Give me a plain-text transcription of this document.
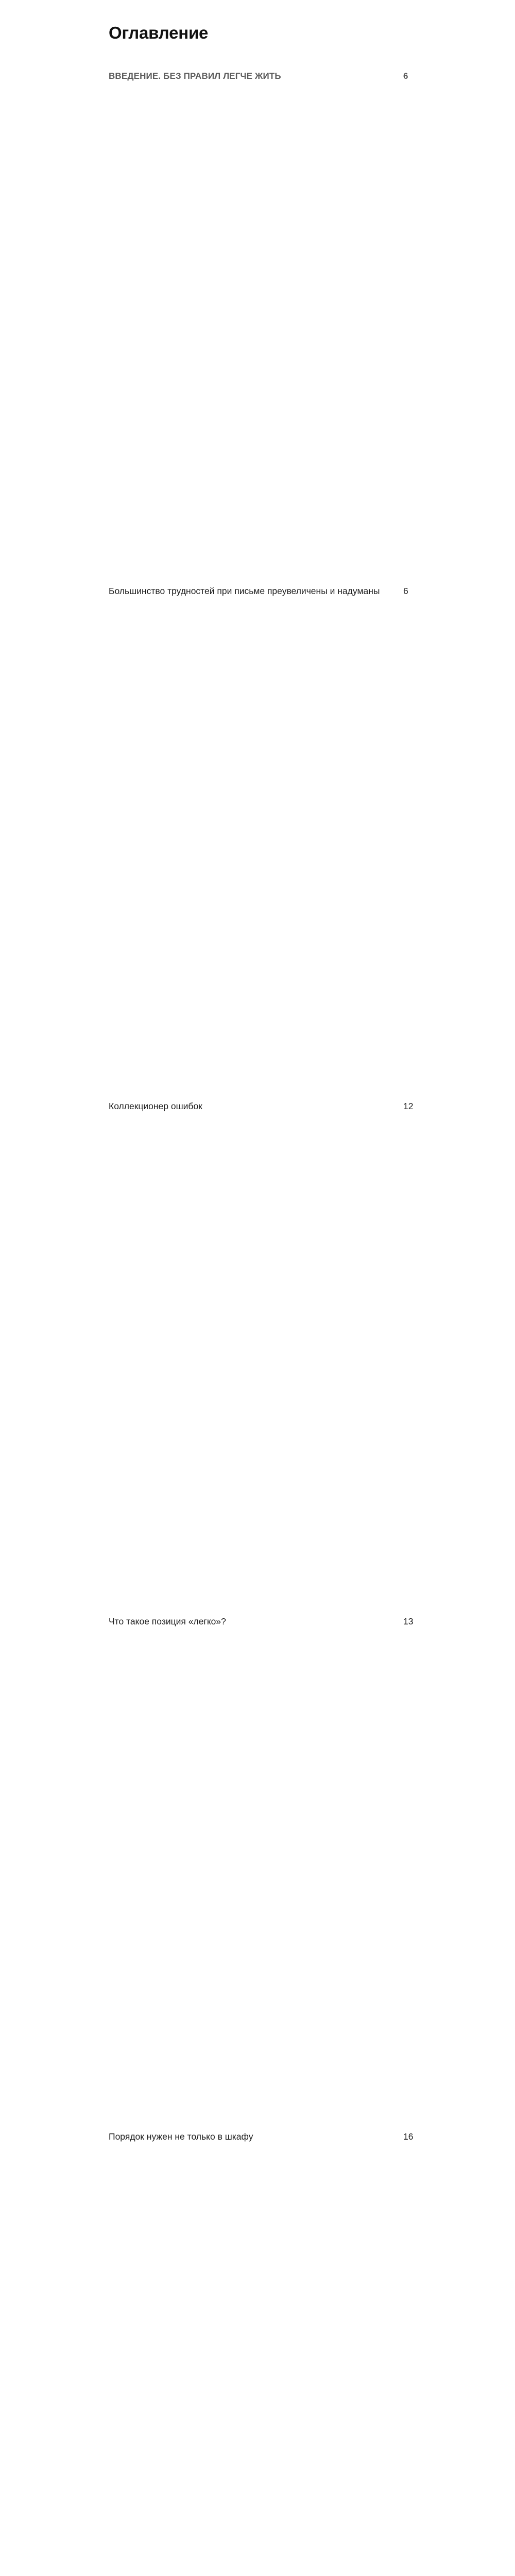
Оглавление
ВВЕДЕНИЕ. БЕЗ ПРАВИЛ ЛЕГЧЕ ЖИТЬ	6
Большинство трудностей при письме преувеличены и надуманы	6
Коллекционер ошибок	12
Что такое позиция «легко»?	13
Порядок нужен не только в шкафу	16
